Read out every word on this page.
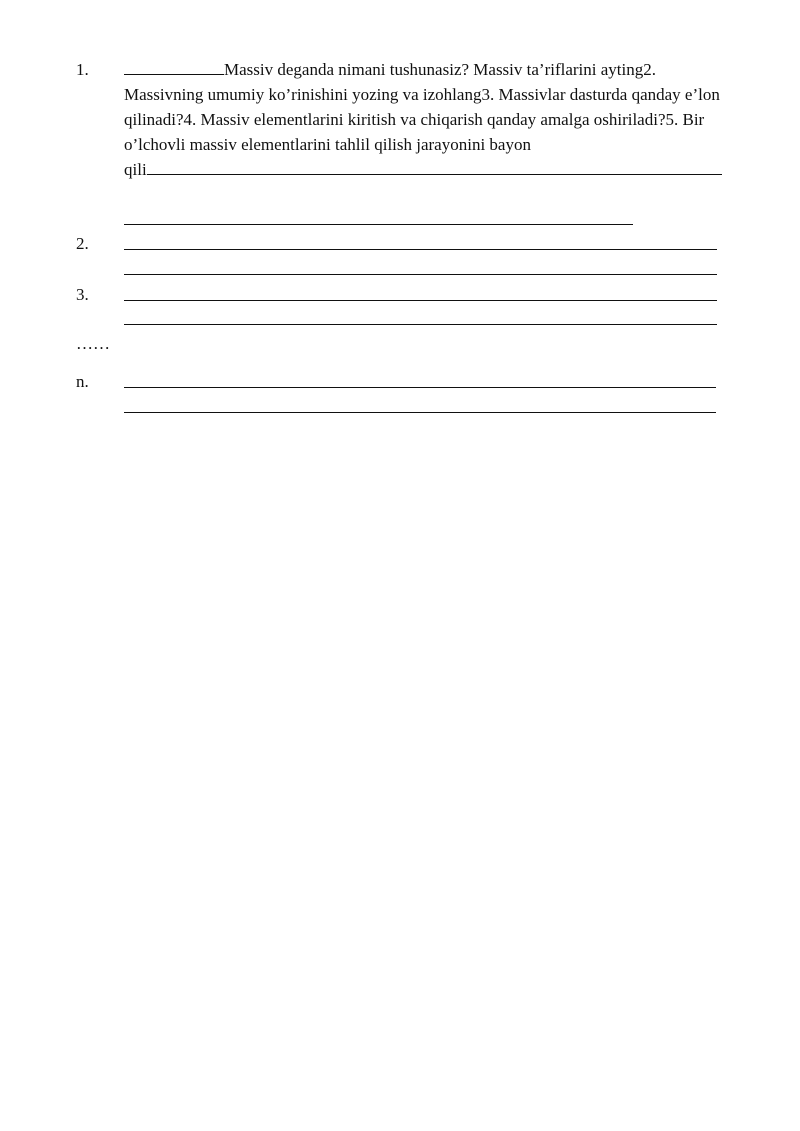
1.	Massiv deganda nimani tushunasiz? Massiv ta’riflarini ayting2. Massivning umumiy ko’rinishini yozing va izohlang3. Massivlar dasturda qanday e’lon qilinadi?4. Massiv elementlarini kiritish va chiqarish qanday amalga oshiriladi?5. Bir o’lchovli massiv elementlarini tahlil qilish jarayonini bayon
qili
2.
3.
……
n.
